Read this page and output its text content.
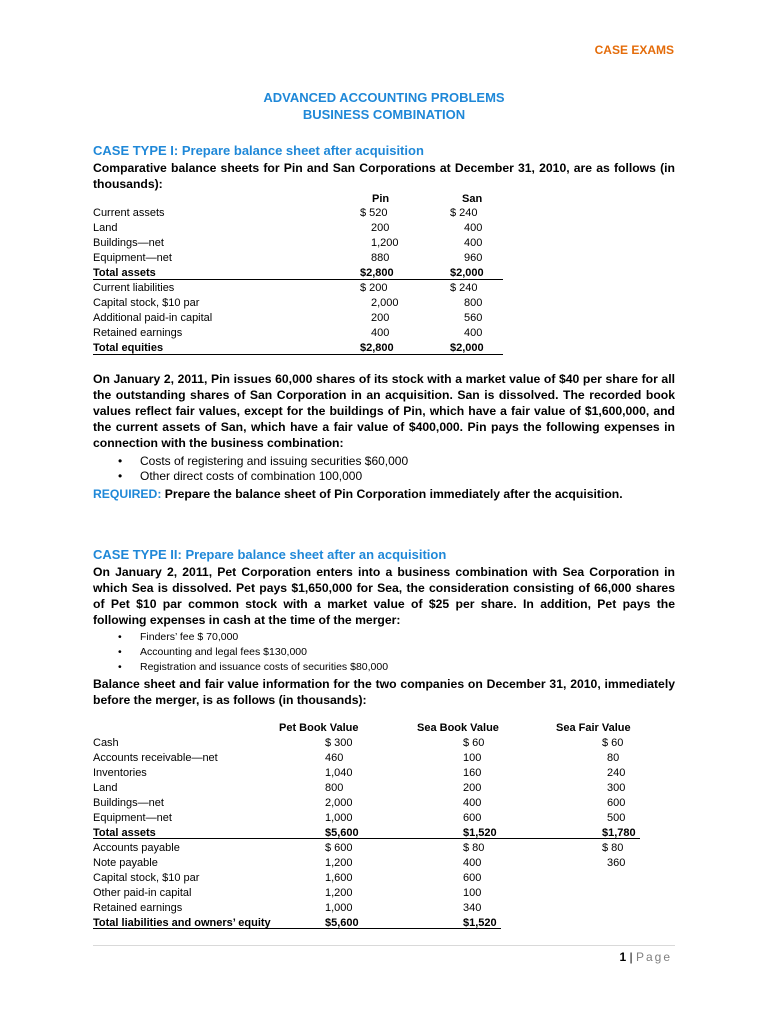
CASE EXAMS
ADVANCED ACCOUNTING PROBLEMS
BUSINESS COMBINATION
CASE TYPE I: Prepare balance sheet after acquisition
Comparative balance sheets for Pin and San Corporations at December 31, 2010, are as follows (in thousands):
Pin	San
Current assets	$ 520	$ 240
Land	200	400
Buildings—net	1,200	400
Equipment—net	880	960
Total assets	$2,800	$2,000
Current liabilities	$ 200	$ 240
Capital stock, $10 par	2,000	800
Additional paid-in capital	200	560
Retained earnings	400	400
Total equities	$2,800	$2,000
On January 2, 2011, Pin issues 60,000 shares of its stock with a market value of $40 per share for all the outstanding shares of San Corporation in an acquisition. San is dissolved. The recorded book values reflect fair values, except for the buildings of Pin, which have a fair value of $1,600,000, and the current assets of San, which have a fair value of $400,000. Pin pays the following expenses in connection with the business combination:
• Costs of registering and issuing securities $60,000
• Other direct costs of combination 100,000
REQUIRED: Prepare the balance sheet of Pin Corporation immediately after the acquisition.
CASE TYPE II: Prepare balance sheet after an acquisition
On January 2, 2011, Pet Corporation enters into a business combination with Sea Corporation in which Sea is dissolved. Pet pays $1,650,000 for Sea, the consideration consisting of 66,000 shares of Pet $10 par common stock with a market value of $25 per share. In addition, Pet pays the following expenses in cash at the time of the merger:
• Finders’ fee $ 70,000
• Accounting and legal fees $130,000
• Registration and issuance costs of securities $80,000
Balance sheet and fair value information for the two companies on December 31, 2010, immediately before the merger, is as follows (in thousands):
Pet Book Value	Sea Book Value	Sea Fair Value
Cash	$ 300	$ 60	$ 60
Accounts receivable—net	460	100	80
Inventories	1,040	160	240
Land	800	200	300
Buildings—net	2,000	400	600
Equipment—net	1,000	600	500
Total assets	$5,600	$1,520	$1,780
Accounts payable	$ 600	$ 80	$ 80
Note payable	1,200	400	360
Capital stock, $10 par	1,600	600
Other paid-in capital	1,200	100
Retained earnings	1,000	340
Total liabilities and owners’ equity	$5,600	$1,520
1 | Page
